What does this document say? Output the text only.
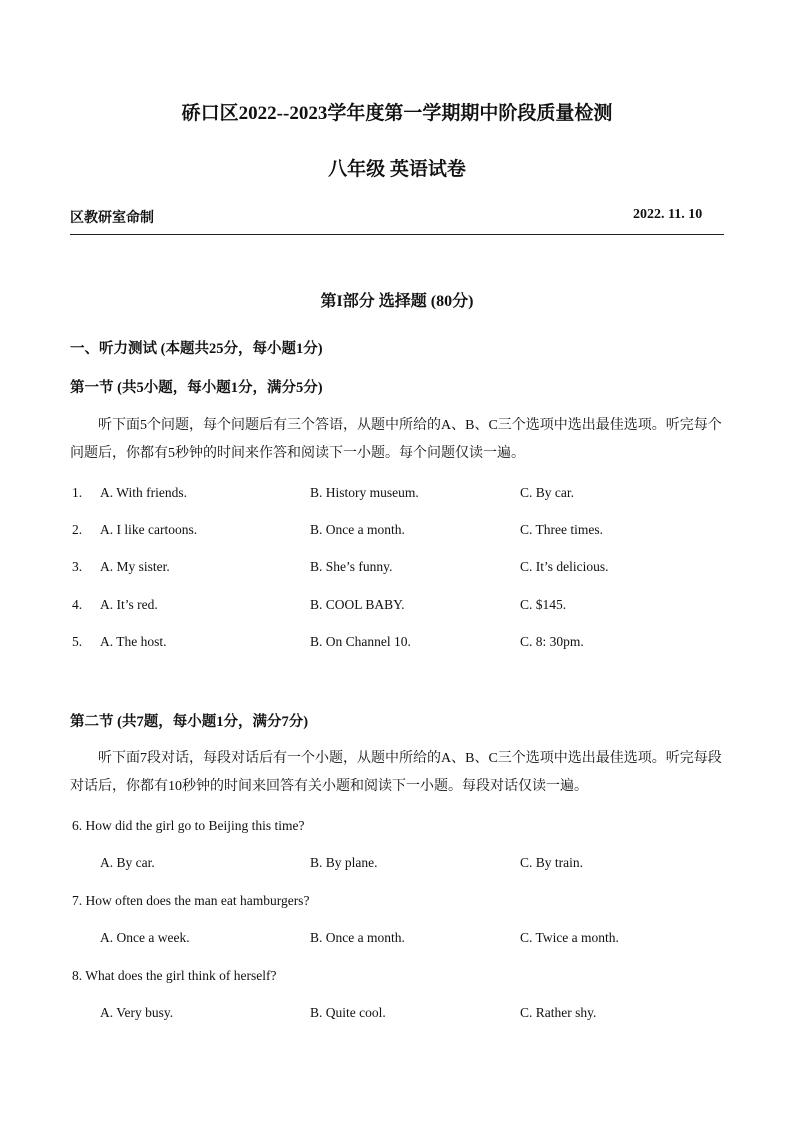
硚口区2022--2023学年度第一学期期中阶段质量检测
八年级 英语试卷
区教研室命制	2022. 11. 10
第I部分 选择题 (80分)
一、听力测试 (本题共25分，每小题1分)
第一节 (共5小题，每小题1分，满分5分)
听下面5个问题，每个问题后有三个答语，从题中所给的A、B、C三个选项中选出最佳选项。听完每个问题后，你都有5秒钟的时间来作答和阅读下一小题。每个问题仅读一遍。
1. A. With friends.	B. History museum.	C. By car.
2. A. I like cartoons.	B. Once a month.	C. Three times.
3. A. My sister.	B. She’s funny.	C. It’s delicious.
4. A. It’s red.	B. COOL BABY.	C. $145.
5. A. The host.	B. On Channel 10.	C. 8: 30pm.
第二节 (共7题，每小题1分，满分7分)
听下面7段对话，每段对话后有一个小题，从题中所给的A、B、C三个选项中选出最佳选项。听完每段对话后，你都有10秒钟的时间来回答有关小题和阅读下一小题。每段对话仅读一遍。
6. How did the girl go to Beijing this time?
A. By car.	B. By plane.	C. By train.
7. How often does the man eat hamburgers?
A. Once a week.	B. Once a month.	C. Twice a month.
8. What does the girl think of herself?
A. Very busy.	B. Quite cool.	C. Rather shy.
